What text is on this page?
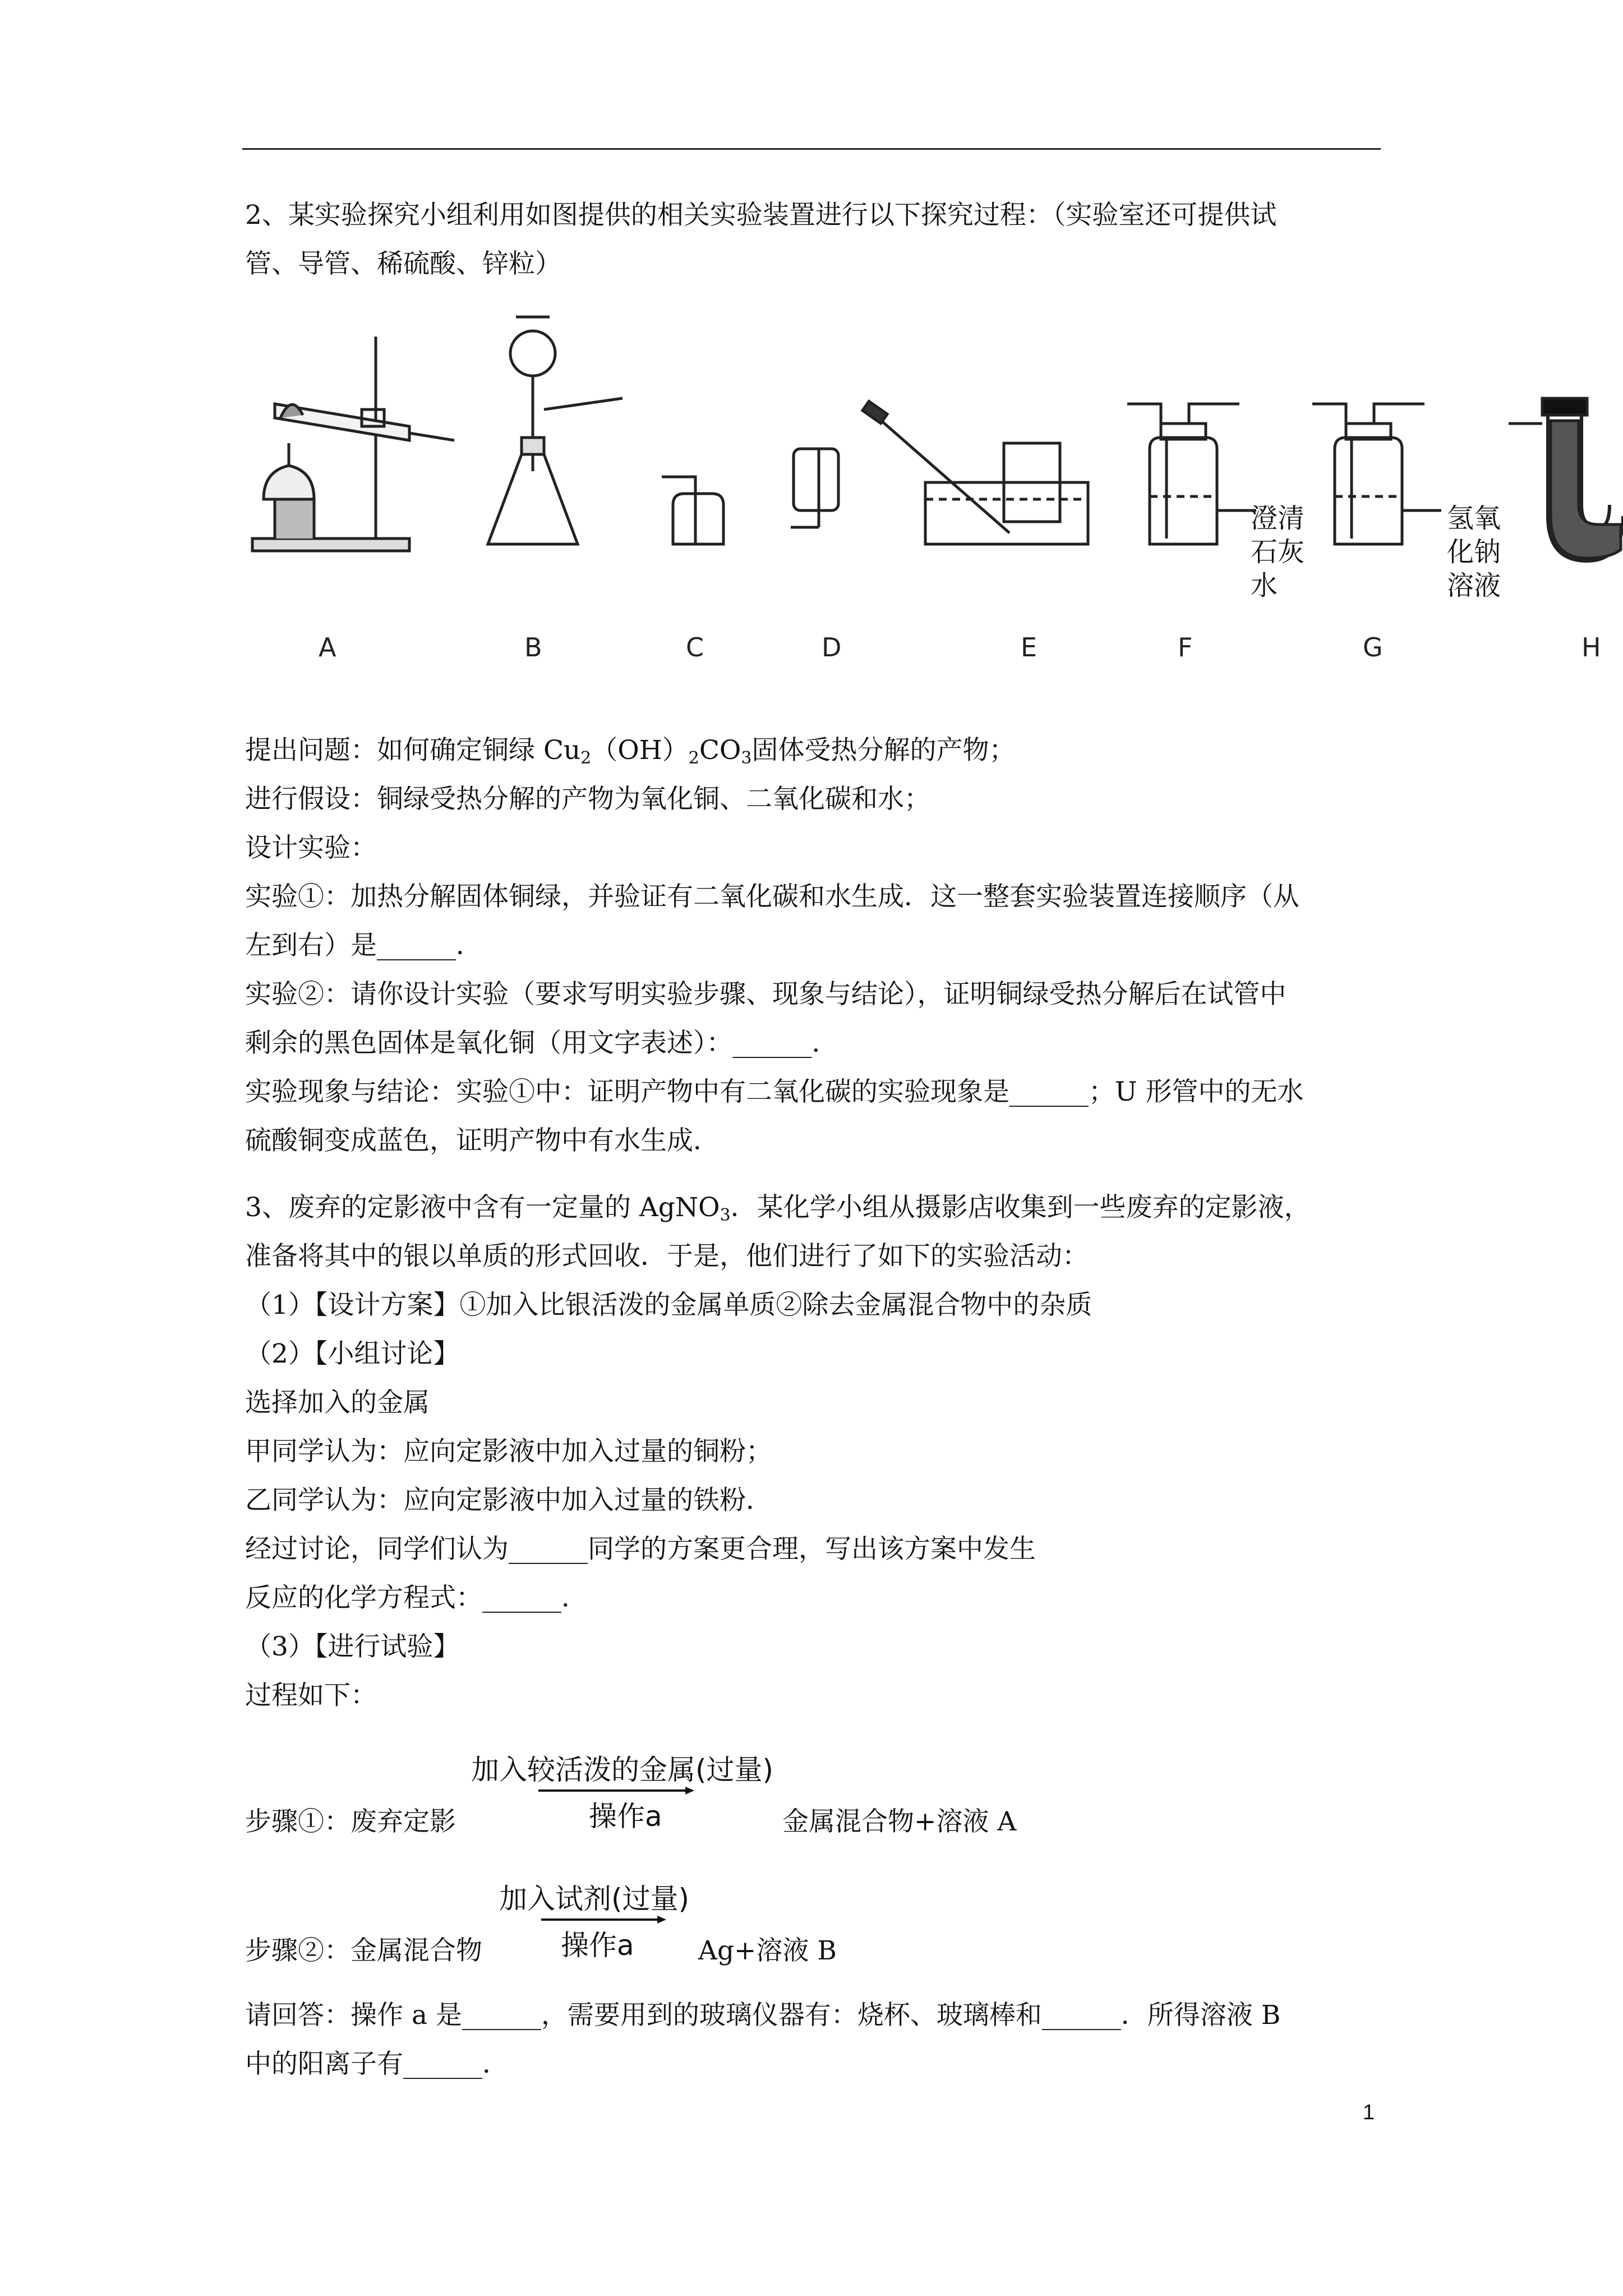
2、某实验探究小组利用如图提供的相关实验装置进行以下探究过程：（实验室还可提供试

管、导管、稀硫酸、锌粒）

提出问题：如何确定铜绿 $Cu_2(OH)_2CO_3$固体受热分解的产物；

进行假设：铜绿受热分解的产物为氧化铜、二氧化碳和水；

设计实验：

实验①：加热分解固体铜绿，并验证有二氧化碳和水生成．这一整套实验装置连接顺序（从

左到右）是______．

实验②：请你设计实验（要求写明实验步骤、现象与结论），证明铜绿受热分解后在试管中

剩余的黑色固体是氧化铜（用文字表述）：______．

实验现象与结论：实验①中：证明产物中有二氧化碳的实验现象是______；U 形管中的无水

硫酸铜变成蓝色，证明产物中有水生成．

3、废弃的定影液中含有一定量的 AgNO$_3$．某化学小组从摄影店收集到一些废弃的定影液，

准备将其中的银以单质的形式回收．于是，他们进行了如下的实验活动：

（1）【设计方案】①加入比银活泼的金属单质②除去金属混合物中的杂质

（2）【小组讨论】

选择加入的金属

甲同学认为：应向定影液中加入过量的铜粉；

乙同学认为：应向定影液中加入过量的铁粉．

经过讨论，同学们认为______同学的方案更合理，写出该方案中发生

反应的化学方程式：______．

（3）【进行试验】

过程如下：

A	B	C	D	E	F	G	H
澄清
石灰
水
氢氧
化钠
溶液
步骤①：废弃定影
加入较活泼的金属(过量)
操作a	金属混合物+溶液 A
步骤②：金属混合物
加入试剂(过量)
操作a Ag+溶液 B
请回答：操作 a 是______，需要用到的玻璃仪器有：烧杯、玻璃棒和______．所得溶液 B
中的阳离子有______．
1
